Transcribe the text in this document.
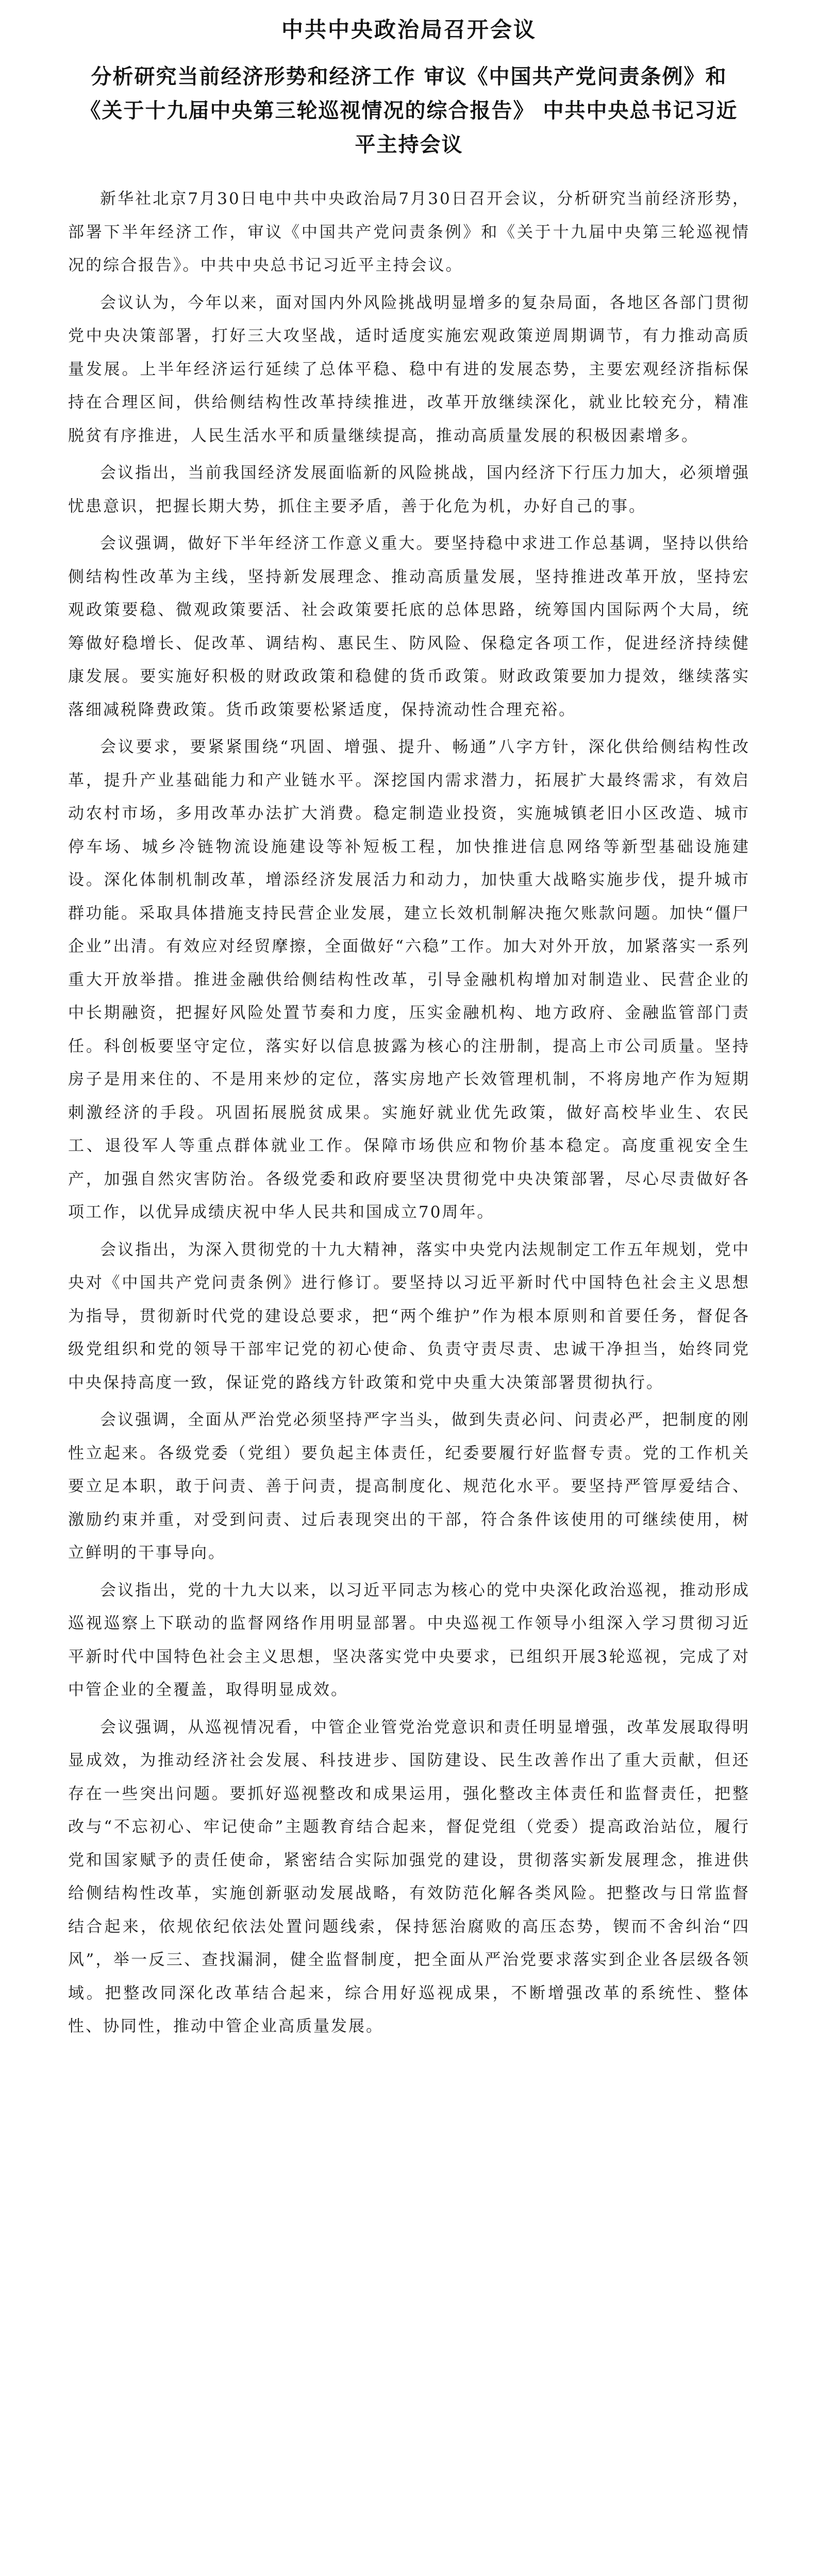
中共中央政治局召开会议
分析研究当前经济形势和经济工作 审议《中国共产党问责条例》和《关于十九届中央第三轮巡视情况的综合报告》 中共中央总书记习近平主持会议

新华社北京7月30日电中共中央政治局7月30日召开会议，分析研究当前经济形势，部署下半年经济工作，审议《中国共产党问责条例》和《关于十九届中央第三轮巡视情况的综合报告》。中共中央总书记习近平主持会议。

会议认为，今年以来，面对国内外风险挑战明显增多的复杂局面，各地区各部门贯彻党中央决策部署，打好三大攻坚战，适时适度实施宏观政策逆周期调节，有力推动高质量发展。上半年经济运行延续了总体平稳、稳中有进的发展态势，主要宏观经济指标保持在合理区间，供给侧结构性改革持续推进，改革开放继续深化，就业比较充分，精准脱贫有序推进，人民生活水平和质量继续提高，推动高质量发展的积极因素增多。

会议指出，当前我国经济发展面临新的风险挑战，国内经济下行压力加大，必须增强忧患意识，把握长期大势，抓住主要矛盾，善于化危为机，办好自己的事。

会议强调，做好下半年经济工作意义重大。要坚持稳中求进工作总基调，坚持以供给侧结构性改革为主线，坚持新发展理念、推动高质量发展，坚持推进改革开放，坚持宏观政策要稳、微观政策要活、社会政策要托底的总体思路，统筹国内国际两个大局，统筹做好稳增长、促改革、调结构、惠民生、防风险、保稳定各项工作，促进经济持续健康发展。要实施好积极的财政政策和稳健的货币政策。财政政策要加力提效，继续落实落细减税降费政策。货币政策要松紧适度，保持流动性合理充裕。

会议要求，要紧紧围绕“巩固、增强、提升、畅通”八字方针，深化供给侧结构性改革，提升产业基础能力和产业链水平。深挖国内需求潜力，拓展扩大最终需求，有效启动农村市场，多用改革办法扩大消费。稳定制造业投资，实施城镇老旧小区改造、城市停车场、城乡冷链物流设施建设等补短板工程，加快推进信息网络等新型基础设施建设。深化体制机制改革，增添经济发展活力和动力，加快重大战略实施步伐，提升城市群功能。采取具体措施支持民营企业发展，建立长效机制解决拖欠账款问题。加快“僵尸企业”出清。有效应对经贸摩擦，全面做好“六稳”工作。加大对外开放，加紧落实一系列重大开放举措。推进金融供给侧结构性改革，引导金融机构增加对制造业、民营企业的中长期融资，把握好风险处置节奏和力度，压实金融机构、地方政府、金融监管部门责任。科创板要坚守定位，落实好以信息披露为核心的注册制，提高上市公司质量。坚持房子是用来住的、不是用来炒的定位，落实房地产长效管理机制，不将房地产作为短期刺激经济的手段。巩固拓展脱贫成果。实施好就业优先政策，做好高校毕业生、农民工、退役军人等重点群体就业工作。保障市场供应和物价基本稳定。高度重视安全生产，加强自然灾害防治。各级党委和政府要坚决贯彻党中央决策部署，尽心尽责做好各项工作，以优异成绩庆祝中华人民共和国成立70周年。

会议指出，为深入贯彻党的十九大精神，落实中央党内法规制定工作五年规划，党中央对《中国共产党问责条例》进行修订。要坚持以习近平新时代中国特色社会主义思想为指导，贯彻新时代党的建设总要求，把“两个维护”作为根本原则和首要任务，督促各级党组织和党的领导干部牢记党的初心使命、负责守责尽责、忠诚干净担当，始终同党中央保持高度一致，保证党的路线方针政策和党中央重大决策部署贯彻执行。

会议强调，全面从严治党必须坚持严字当头，做到失责必问、问责必严，把制度的刚性立起来。各级党委（党组）要负起主体责任，纪委要履行好监督专责。党的工作机关要立足本职，敢于问责、善于问责，提高制度化、规范化水平。要坚持严管厚爱结合、激励约束并重，对受到问责、过后表现突出的干部，符合条件该使用的可继续使用，树立鲜明的干事导向。

会议指出，党的十九大以来，以习近平同志为核心的党中央深化政治巡视，推动形成巡视巡察上下联动的监督网络作用明显部署。中央巡视工作领导小组深入学习贯彻习近平新时代中国特色社会主义思想，坚决落实党中央要求，已组织开展3轮巡视，完成了对中管企业的全覆盖，取得明显成效。

会议强调，从巡视情况看，中管企业管党治党意识和责任明显增强，改革发展取得明显成效，为推动经济社会发展、科技进步、国防建设、民生改善作出了重大贡献，但还存在一些突出问题。要抓好巡视整改和成果运用，强化整改主体责任和监督责任，把整改与“不忘初心、牢记使命”主题教育结合起来，督促党组（党委）提高政治站位，履行党和国家赋予的责任使命，紧密结合实际加强党的建设，贯彻落实新发展理念，推进供给侧结构性改革，实施创新驱动发展战略，有效防范化解各类风险。把整改与日常监督结合起来，依规依纪依法处置问题线索，保持惩治腐败的高压态势，锲而不舍纠治“四风”，举一反三、查找漏洞，健全监督制度，把全面从严治党要求落实到企业各层级各领域。把整改同深化改革结合起来，综合用好巡视成果，不断增强改革的系统性、整体性、协同性，推动中管企业高质量发展。
